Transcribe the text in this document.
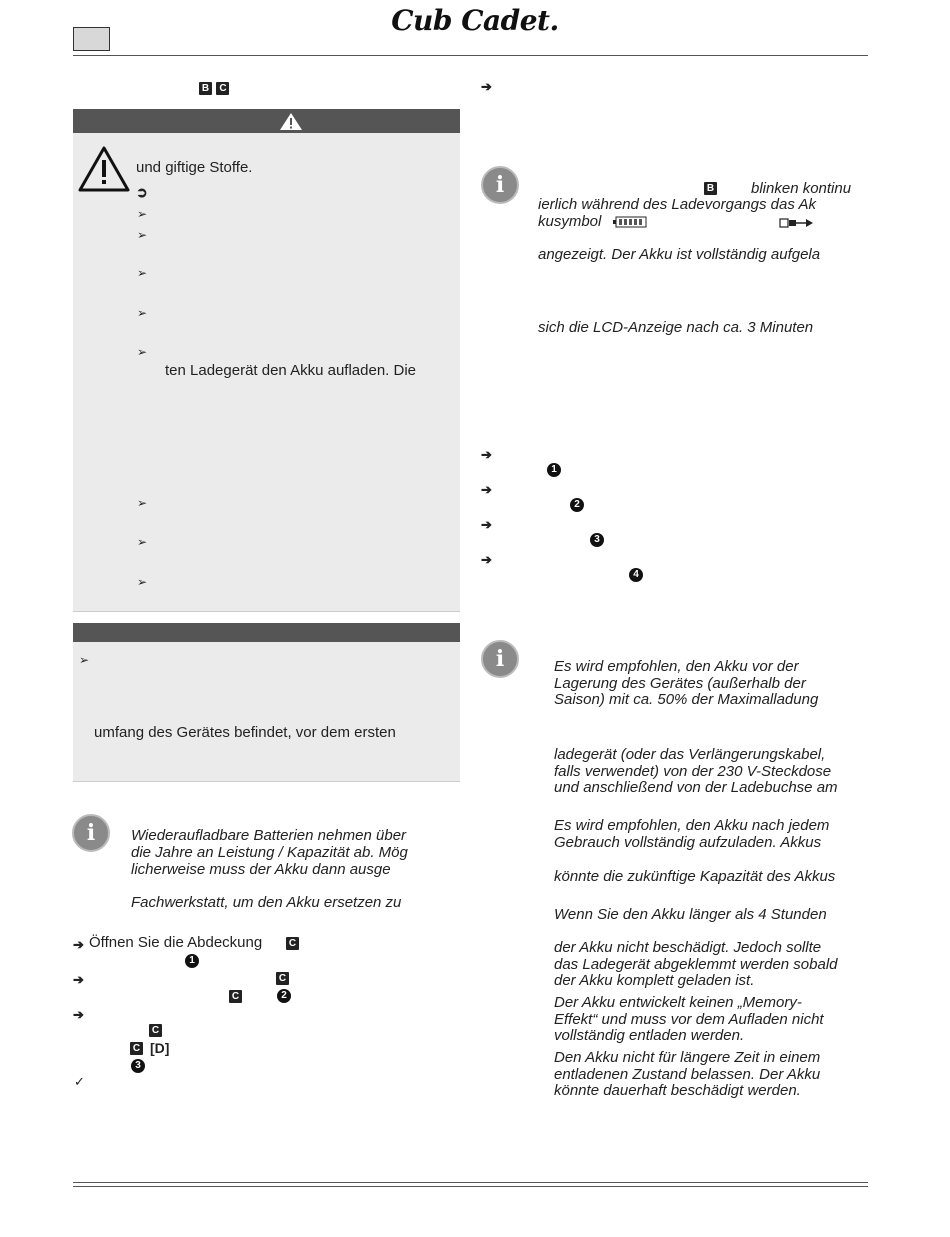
Cub Cadet.
B C
und giftige Stoffe.
➲
➢
➢
➢
➢
➢
ten Ladegerät den Akku aufladen. Die
➢
➢
➢
➢
umfang des Gerätes befindet, vor dem ersten
i	Wiederaufladbare Batterien nehmen über
die Jahre an Leistung / Kapazität ab. Mög
licherweise muss der Akku dann ausge
Fachwerkstatt, um den Akku ersetzen zu
➔ Öffnen Sie die Abdeckung	C
1
➔	C
C	2
➔
C
C [D]
3
✓
➔
i	B blinken kontinu
ierlich während des Ladevorgangs das Ak
kusymbol
angezeigt. Der Akku ist vollständig aufgela
sich die LCD-Anzeige nach ca. 3 Minuten
➔
1
➔
2
➔
3
➔
4
i	Es wird empfohlen, den Akku vor der
Lagerung des Gerätes (außerhalb der
Saison) mit ca. 50% der Maximalladung
ladegerät (oder das Verlängerungskabel,
falls verwendet) von der 230 V-Steckdose
und anschließend von der Ladebuchse am
Es wird empfohlen, den Akku nach jedem
Gebrauch vollständig aufzuladen. Akkus
könnte die zukünftige Kapazität des Akkus
Wenn Sie den Akku länger als 4 Stunden
der Akku nicht beschädigt. Jedoch sollte
das Ladegerät abgeklemmt werden sobald
der Akku komplett geladen ist.
Der Akku entwickelt keinen „Memory-
Effekt“ und muss vor dem Aufladen nicht
vollständig entladen werden.
Den Akku nicht für längere Zeit in einem
entladenen Zustand belassen. Der Akku
könnte dauerhaft beschädigt werden.
